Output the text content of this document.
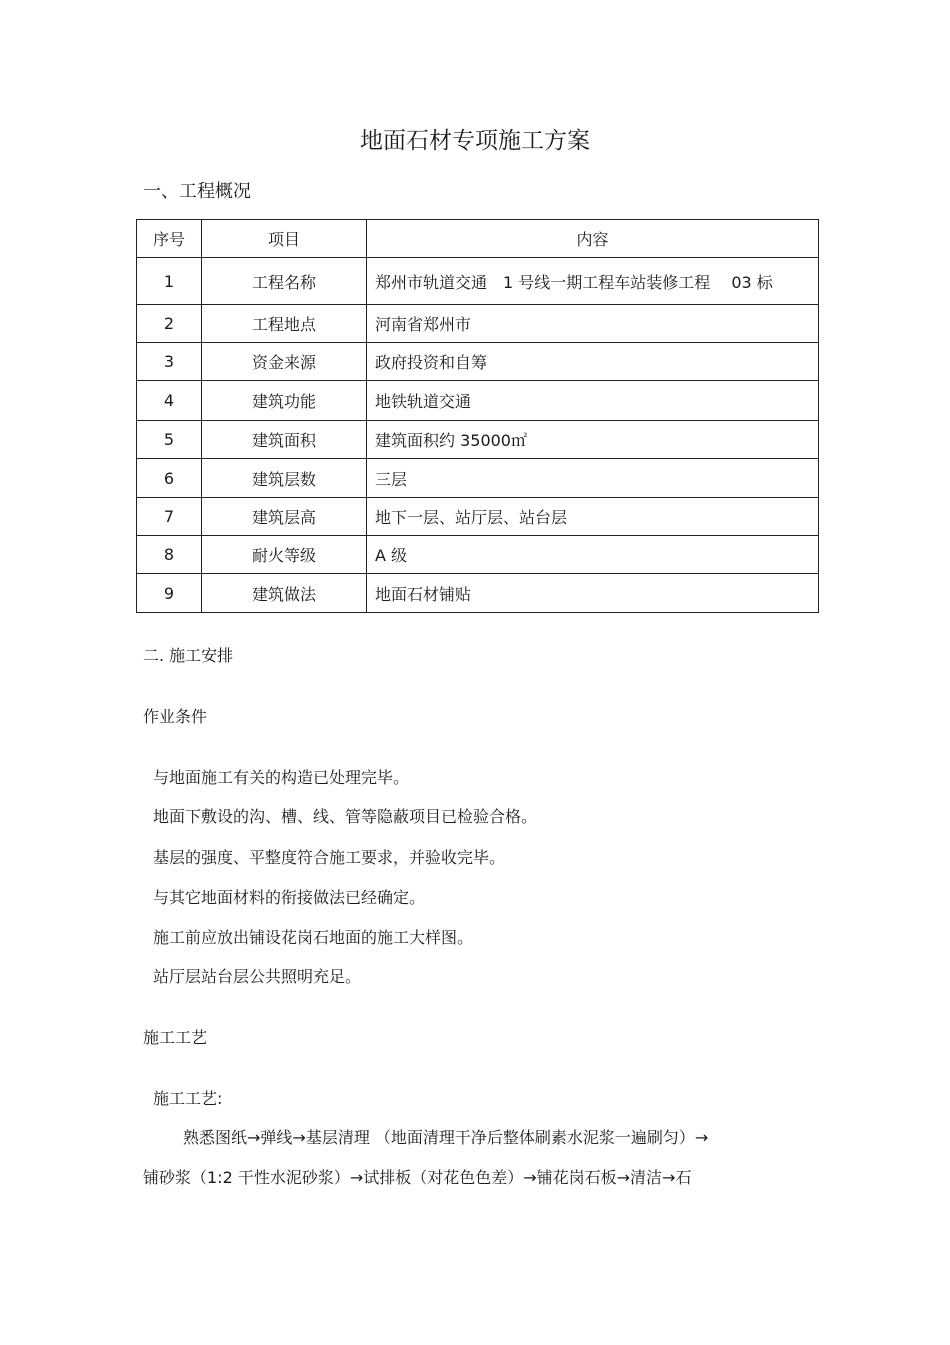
地面石材专项施工方案
一、工程概况
序号	项目	内容
1	工程名称	郑州市轨道交通　1 号线一期工程车站装修工程　 03 标
2	工程地点	河南省郑州市
3	资金来源	政府投资和自筹
4	建筑功能	地铁轨道交通
5	建筑面积	建筑面积约 35000㎡
6	建筑层数	三层
7	建筑层高	地下一层、站厅层、站台层
8	耐火等级	A 级
9	建筑做法	地面石材铺贴
二. 施工安排
作业条件
与地面施工有关的构造已处理完毕。
地面下敷设的沟、槽、线、管等隐蔽项目已检验合格。
基层的强度、平整度符合施工要求，并验收完毕。
与其它地面材料的衔接做法已经确定。
施工前应放出铺设花岗石地面的施工大样图。
站厅层站台层公共照明充足。
施工工艺
施工工艺:
熟悉图纸→弹线→基层清理 （地面清理干净后整体刷素水泥浆一遍刷匀）→
铺砂浆（1:2 干性水泥砂浆）→试排板（对花色色差）→铺花岗石板→清洁→石
